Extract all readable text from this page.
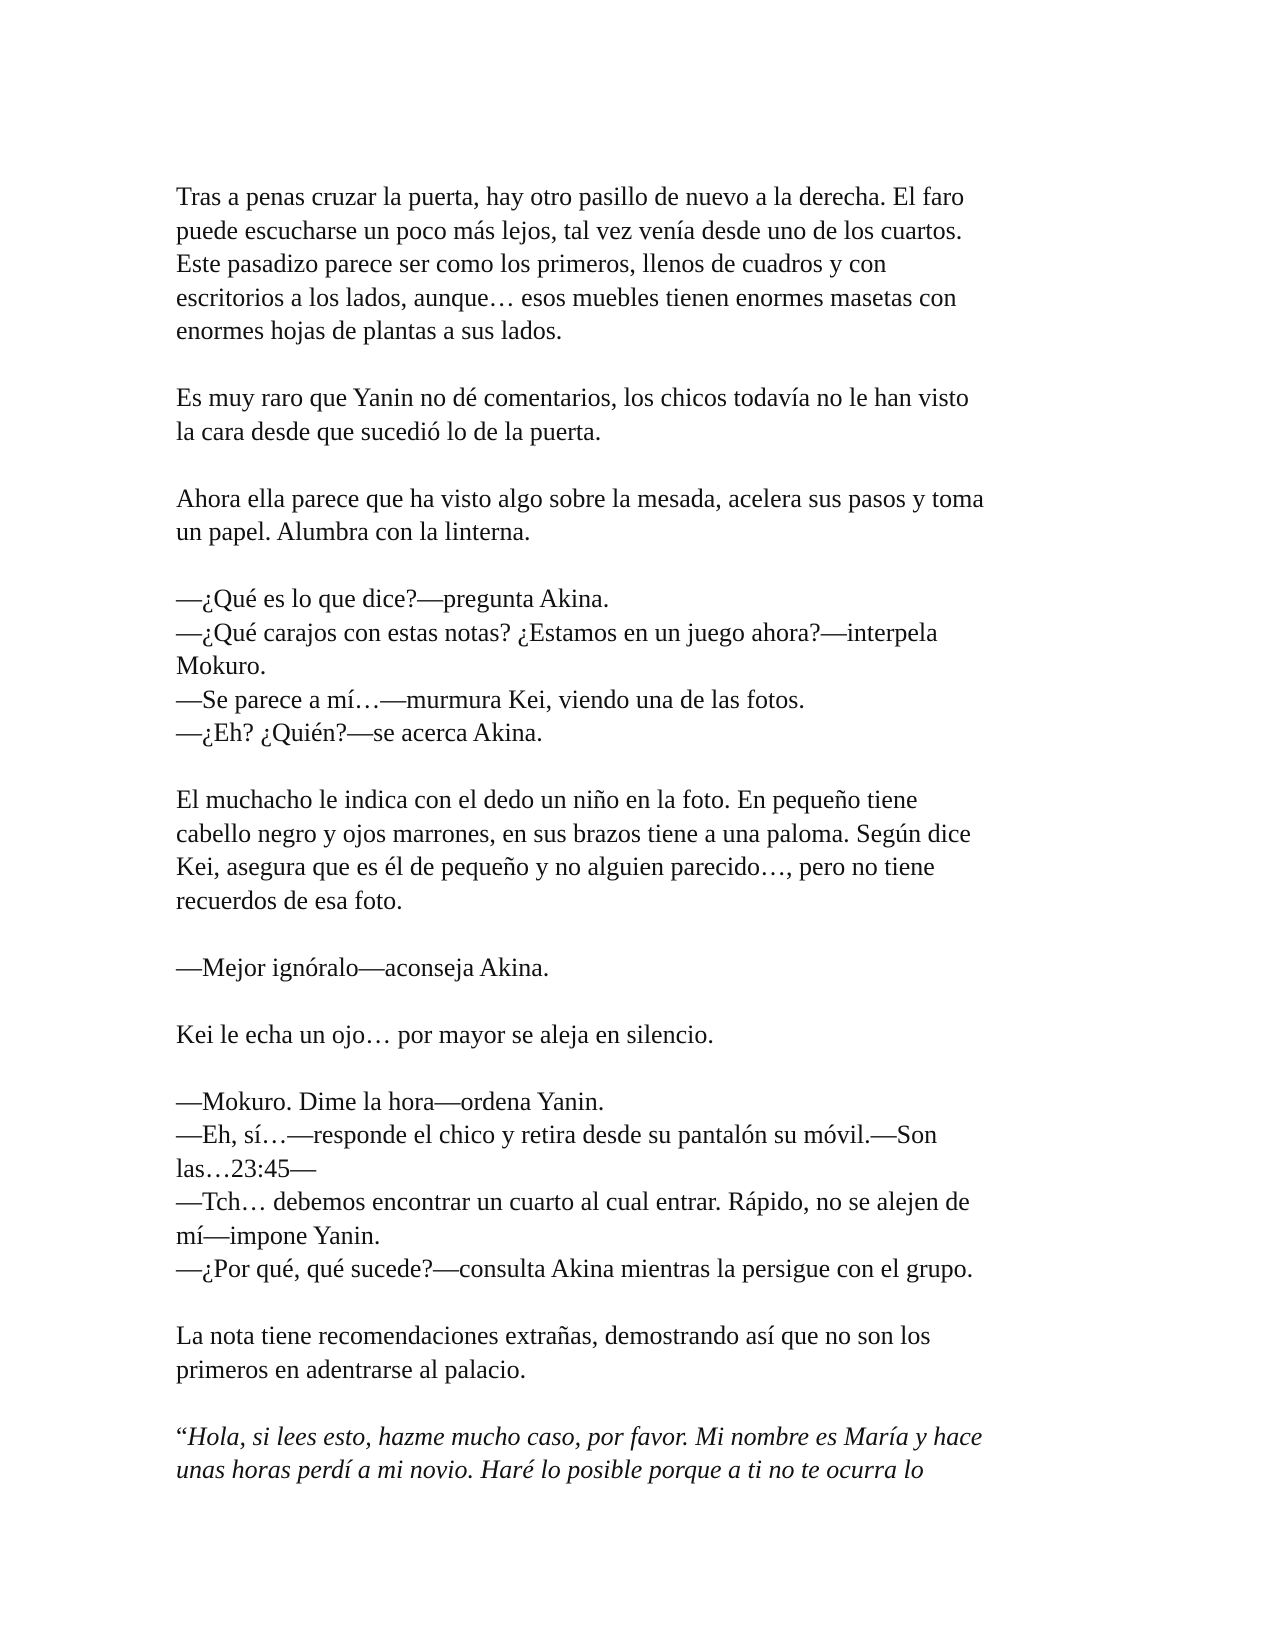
Tras a penas cruzar la puerta, hay otro pasillo de nuevo a la derecha. El faro
puede escucharse un poco más lejos, tal vez venía desde uno de los cuartos.
Este pasadizo parece ser como los primeros, llenos de cuadros y con
escritorios a los lados, aunque… esos muebles tienen enormes masetas con
enormes hojas de plantas a sus lados.

Es muy raro que Yanin no dé comentarios, los chicos todavía no le han visto
la cara desde que sucedió lo de la puerta.

Ahora ella parece que ha visto algo sobre la mesada, acelera sus pasos y toma
un papel. Alumbra con la linterna.

—¿Qué es lo que dice?—pregunta Akina.
—¿Qué carajos con estas notas? ¿Estamos en un juego ahora?—interpela
Mokuro.
—Se parece a mí…—murmura Kei, viendo una de las fotos.
—¿Eh? ¿Quién?—se acerca Akina.

El muchacho le indica con el dedo un niño en la foto. En pequeño tiene
cabello negro y ojos marrones, en sus brazos tiene a una paloma. Según dice
Kei, asegura que es él de pequeño y no alguien parecido…, pero no tiene
recuerdos de esa foto.

—Mejor ignóralo—aconseja Akina.

Kei le echa un ojo… por mayor se aleja en silencio.

—Mokuro. Dime la hora—ordena Yanin.
—Eh, sí…—responde el chico y retira desde su pantalón su móvil.—Son
las…23:45—
—Tch… debemos encontrar un cuarto al cual entrar. Rápido, no se alejen de
mí—impone Yanin.
—¿Por qué, qué sucede?—consulta Akina mientras la persigue con el grupo.

La nota tiene recomendaciones extrañas, demostrando así que no son los
primeros en adentrarse al palacio.

“Hola, si lees esto, hazme mucho caso, por favor. Mi nombre es María y hace
unas horas perdí a mi novio. Haré lo posible porque a ti no te ocurra lo
